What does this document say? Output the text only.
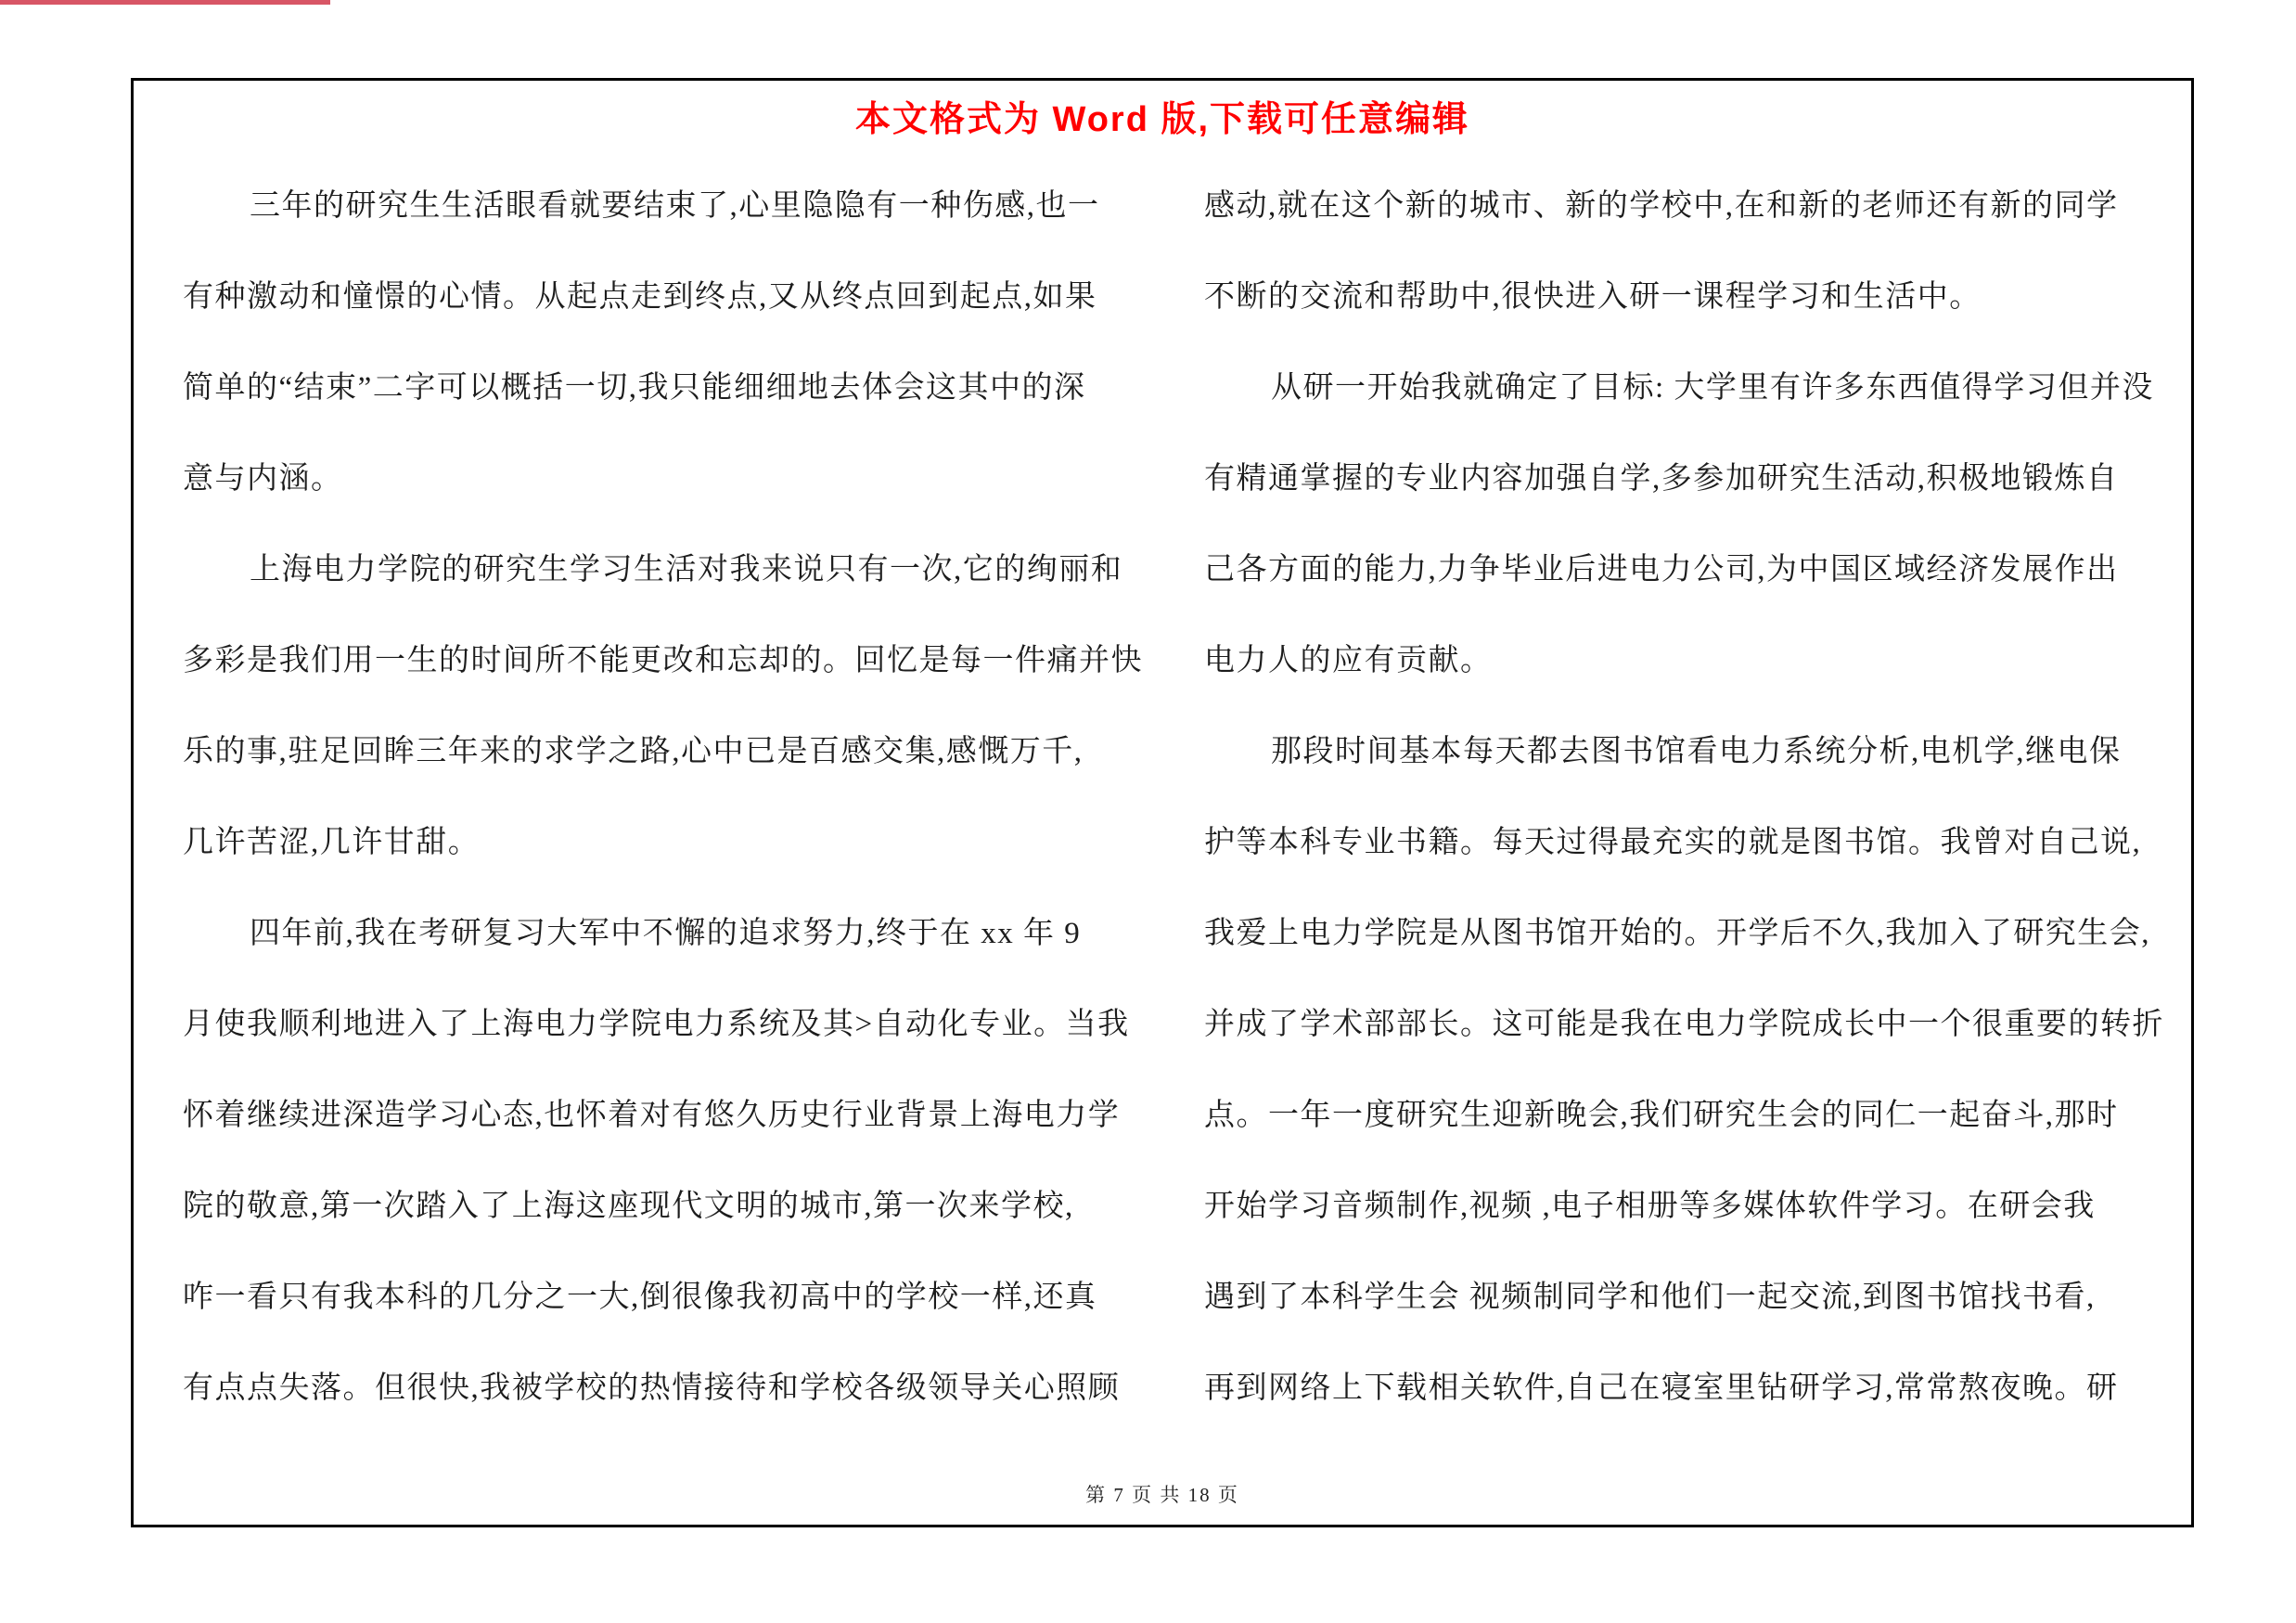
本文格式为 Word 版,下载可任意编辑
三年的研究生生活眼看就要结束了,心里隐隐有一种伤感,也一
有种激动和憧憬的心情。从起点走到终点,又从终点回到起点,如果
简单的“结束”二字可以概括一切,我只能细细地去体会这其中的深
意与内涵。
上海电力学院的研究生学习生活对我来说只有一次,它的绚丽和
多彩是我们用一生的时间所不能更改和忘却的。回忆是每一件痛并快
乐的事,驻足回眸三年来的求学之路,心中已是百感交集,感慨万千,
几许苦涩,几许甘甜。
四年前,我在考研复习大军中不懈的追求努力,终于在 xx 年 9
月使我顺利地进入了上海电力学院电力系统及其>自动化专业。当我
怀着继续进深造学习心态,也怀着对有悠久历史行业背景上海电力学
院的敬意,第一次踏入了上海这座现代文明的城市,第一次来学校,
咋一看只有我本科的几分之一大,倒很像我初高中的学校一样,还真
有点点失落。但很快,我被学校的热情接待和学校各级领导关心照顾
感动,就在这个新的城市、新的学校中,在和新的老师还有新的同学
不断的交流和帮助中,很快进入研一课程学习和生活中。
从研一开始我就确定了目标: 大学里有许多东西值得学习但并没
有精通掌握的专业内容加强自学,多参加研究生活动,积极地锻炼自
己各方面的能力,力争毕业后进电力公司,为中国区域经济发展作出
电力人的应有贡献。
那段时间基本每天都去图书馆看电力系统分析,电机学,继电保
护等本科专业书籍。每天过得最充实的就是图书馆。我曾对自己说,
我爱上电力学院是从图书馆开始的。开学后不久,我加入了研究生会,
并成了学术部部长。这可能是我在电力学院成长中一个很重要的转折
点。一年一度研究生迎新晚会,我们研究生会的同仁一起奋斗,那时
开始学习音频制作,视频 ,电子相册等多媒体软件学习。在研会我
遇到了本科学生会 视频制同学和他们一起交流,到图书馆找书看,
再到网络上下载相关软件,自己在寝室里钻研学习,常常熬夜晚。研
第 7 页 共 18 页
